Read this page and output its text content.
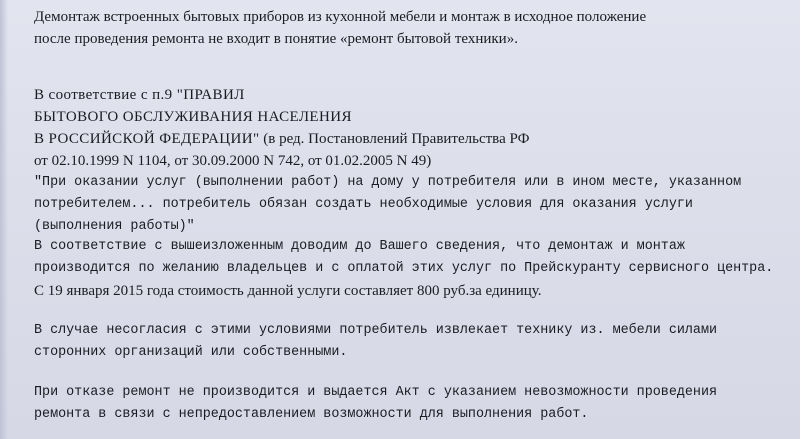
Демонтаж встроенных бытовых приборов из кухонной мебели и монтаж в исходное положение
после проведения ремонта не входит в понятие «ремонт бытовой техники».

В соответствие с п.9 "ПРАВИЛ
БЫТОВОГО ОБСЛУЖИВАНИЯ НАСЕЛЕНИЯ
В РОССИЙСКОЙ ФЕДЕРАЦИИ" (в ред. Постановлений Правительства РФ
от 02.10.1999 N 1104, от 30.09.2000 N 742, от 01.02.2005 N 49)
"При оказании услуг (выполнении работ) на дому у потребителя или в ином месте, указанном
потребителем... потребитель обязан создать необходимые условия для оказания услуги
(выполнения работы)"

В соответствие с вышеизложенным доводим до Вашего сведения, что демонтаж и монтаж
производится по желанию владельцев и с оплатой этих услуг по Прейскуранту сервисного центра.
С 19 января 2015 года стоимость данной услуги составляет 800 руб.за единицу.

В случае несогласия с этими условиями потребитель извлекает технику из. мебели силами
сторонних организаций или собственными.

При отказе ремонт не производится и выдается Акт с указанием невозможности проведения
ремонта в связи с непредоставлением возможности для выполнения работ.
